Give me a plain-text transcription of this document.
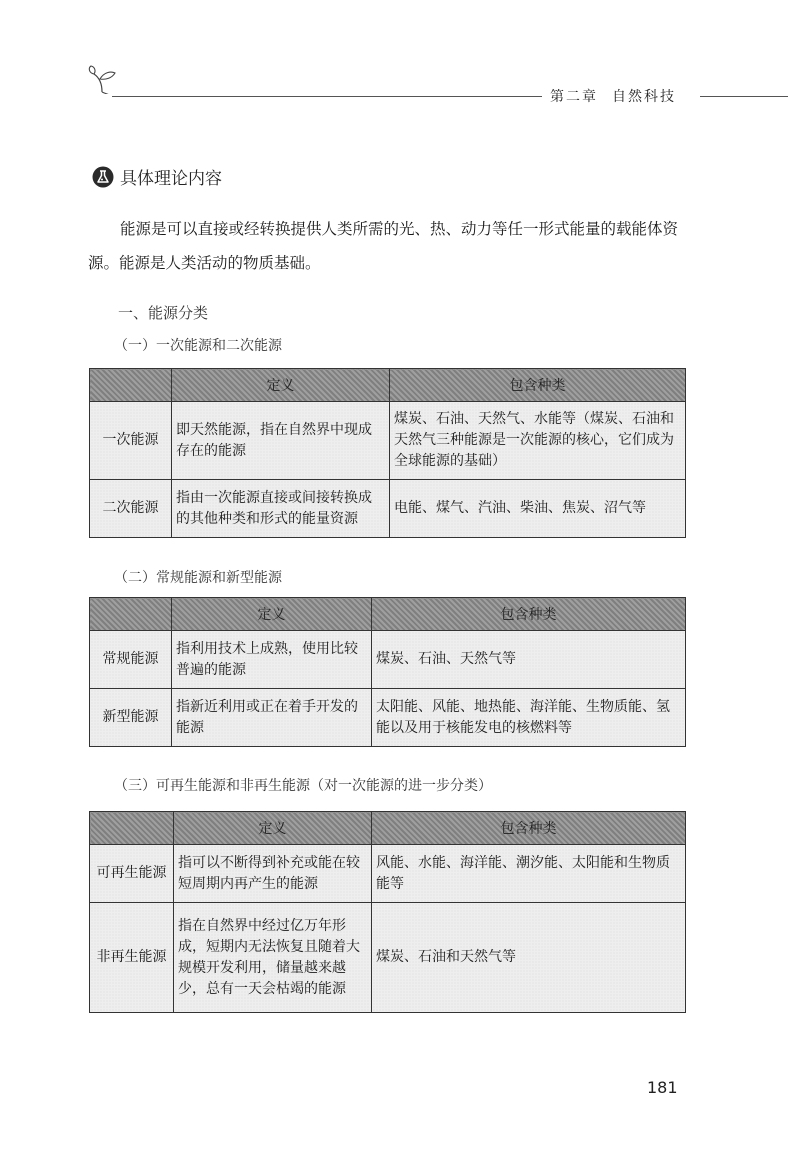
第二章 自然科技
具体理论内容

能源是可以直接或经转换提供人类所需的光、热、动力等任一形式能量的载能体资源。能源是人类活动的物质基础。

一、能源分类
（一）一次能源和二次能源
	定义	包含种类
一次能源	即天然能源，指在自然界中现成存在的能源	煤炭、石油、天然气、水能等（煤炭、石油和天然气三种能源是一次能源的核心，它们成为全球能源的基础）
二次能源	指由一次能源直接或间接转换成的其他种类和形式的能量资源	电能、煤气、汽油、柴油、焦炭、沼气等
（二）常规能源和新型能源
	定义	包含种类
常规能源	指利用技术上成熟，使用比较普遍的能源	煤炭、石油、天然气等
新型能源	指新近利用或正在着手开发的能源	太阳能、风能、地热能、海洋能、生物质能、氢能以及用于核能发电的核燃料等
（三）可再生能源和非再生能源（对一次能源的进一步分类）
	定义	包含种类
可再生能源	指可以不断得到补充或能在较短周期内再产生的能源	风能、水能、海洋能、潮汐能、太阳能和生物质能等
非再生能源	指在自然界中经过亿万年形成，短期内无法恢复且随着大规模开发利用，储量越来越少，总有一天会枯竭的能源	煤炭、石油和天然气等
181
